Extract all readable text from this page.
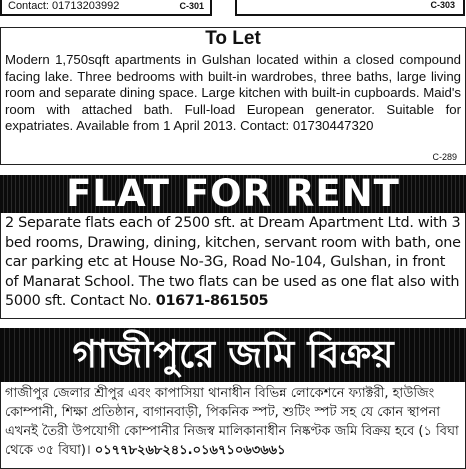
Contact: 01713203992	C-301	C-303
To Let
Modern 1,750sqft apartments in Gulshan located within a closed compound facing lake. Three bedrooms with built-in wardrobes, three baths, large living room and separate dining space. Large kitchen with built-in cupboards. Maid's room with attached bath. Full-load European generator. Suitable for expatriates. Available from 1 April 2013. Contact: 01730447320
C-289
FLAT FOR RENT
2 Separate flats each of 2500 sft. at Dream Apartment Ltd. with 3 bed rooms, Drawing, dining, kitchen, servant room with bath, one car parking etc at House No-3G, Road No-104, Gulshan, in front of Manarat School. The two flats can be used as one flat also with 5000 sft. Contact No. 01671-861505
গাজীপুরে জমি বিক্রয়
গাজীপুর জেলার শ্রীপুর এবং কাপাসিয়া থানাধীন বিভিন্ন লোকেশনে ফ্যাক্টরী, হাউজিং কোম্পানী, শিক্ষা প্রতিষ্ঠান, বাগানবাড়ী, পিকনিক স্পট, শুটিং স্পট সহ যে কোন স্থাপনা এখনই তৈরী উপযোগী কোম্পানীর নিজস্ব মালিকানাধীন নিষ্কণ্টক জমি বিক্রয় হবে (১ বিঘা থেকে ৩৫ বিঘা)। ০১৭৭৮২৬৮২৪১.০১৬৭১০৬৩৬৬১
